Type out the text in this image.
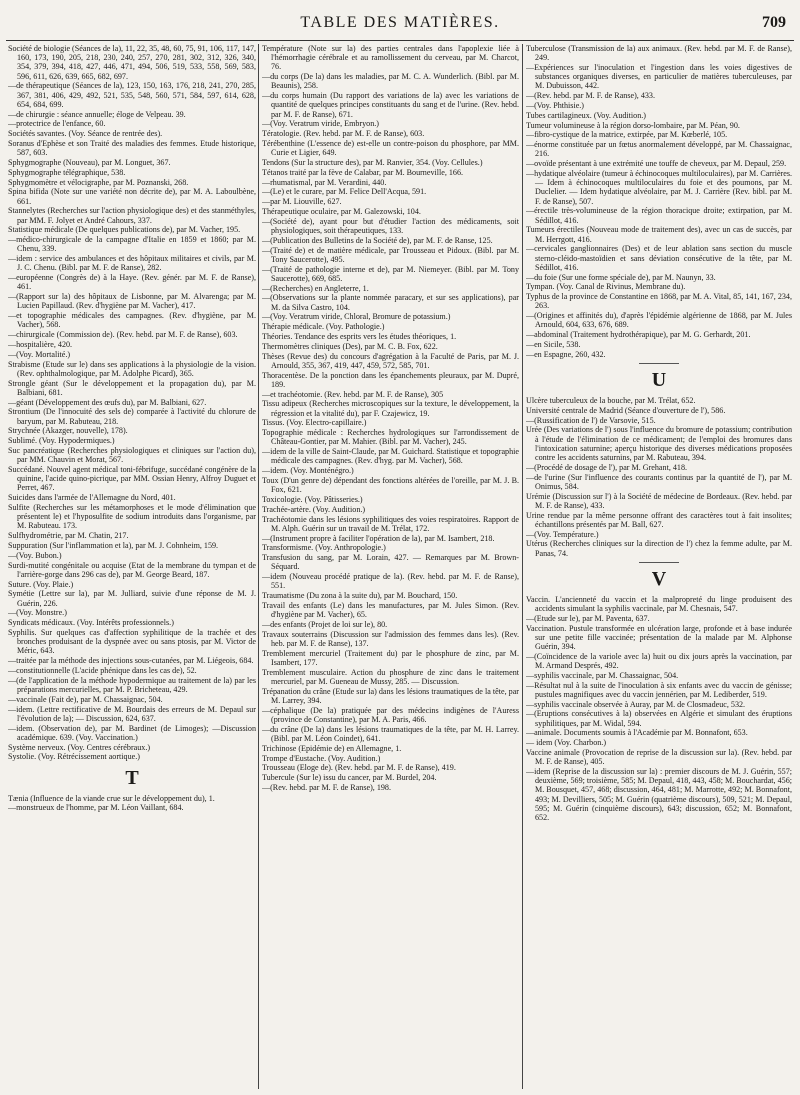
TABLE DES MATIÈRES.	709
Société de biologie (Séances de la), 11, 22, 35, 48, 60, 75, 91, 106, 117, 147, 160, 173, 190, 205, 218, 230, 240, 257, 270, 281, 302, 312, 326, 340, 354, 379, 394, 418, 427, 446, 471, 494, 506, 519, 533, 558, 569, 583, 596, 611, 626, 639, 665, 682, 697.
—de thérapeutique (Séances de la), 123, 150, 163, 176, 218, 241, 270, 285, 367, 381, 406, 429, 492, 521, 535, 548, 560, 571, 584, 597, 614, 628, 654, 684, 699.
—de chirurgie : séance annuelle; éloge de Velpeau. 39.
—protectrice de l'enfance, 60.
Sociétés savantes. (Voy. Séance de rentrée des).
Soranus d'Ephèse et son Traité des maladies des femmes. Etude historique, 587, 603.
Sphygmographe (Nouveau), par M. Longuet, 367.
Sphygmographe télégraphique, 538.
Sphygmomètre et vélocigraphe, par M. Poznanski, 268.
Spina bifida (Note sur une variété non décrite de), par M. A. Laboulbène, 661.
Stannelytes (Recherches sur l'action physiologique des) et des stanméthyles, par MM. F. Jolyet et André Cahours, 337.
Statistique médicale (De quelques publications de), par M. Vacher, 195.
—médico-chirurgicale de la campagne d'Italie en 1859 et 1860; par M. Chenu, 339.
—idem : service des ambulances et des hôpitaux militaires et civils, par M. J. C. Chenu. (Bibl. par M. F. de Ranse), 282.
—européenne (Congrès de) à la Haye. (Rev. génér. par M. F. de Ranse), 461.
—(Rapport sur la) des hôpitaux de Lisbonne, par M. Alvarenga; par M. Lucien Papillaud. (Rev. d'hygiène par M. Vacher), 417.
—et topographie médicales des campagnes. (Rev. d'hygiène, par M. Vacher), 568.
—chirurgicale (Commission de). (Rev. hebd. par M. F. de Ranse), 603.
—hospitalière, 420.
—(Voy. Mortalité.)
Strabisme (Etude sur le) dans ses applications à la physiologie de la vision. (Rev. ophthalmologique, par M. Adolphe Picard), 365.
Strongle géant (Sur le développement et la propagation du), par M. Balbiani, 681.
—géant (Développement des œufs du), par M. Balbiani, 627.
Strontium (De l'innocuité des sels de) comparée à l'activité du chlorure de baryum, par M. Rabuteau, 218.
Strychnée (Akazger, nouvelle), 178).
Sublimé. (Voy. Hypodermiques.)
Suc pancréatique (Recherches physiologiques et cliniques sur l'action du), par MM. Chauvin et Morat, 567.
Succédané. Nouvel agent médical toni-fébrifuge, succédané congénère de la quinine, l'acide quino-picrique, par MM. Ossian Henry, Alfroy Duguet et Perret, 467.
Suicides dans l'armée de l'Allemagne du Nord, 401.
Sulfite (Recherches sur les métamorphoses et le mode d'élimination que présentent le) et l'hyposulfite de sodium introduits dans l'organisme, par M. Rabuteau. 173.
Sulfhydrométrie, par M. Chatin, 217.
Suppuration (Sur l'inflammation et la), par M. J. Cohnheim, 159.
—(Voy. Bubon.)
Surdi-mutité congénitale ou acquise (Etat de la membrane du tympan et de l'arrière-gorge dans 296 cas de), par M. George Beard, 187.
Suture. (Voy. Plaie.)
Symétie (Lettre sur la), par M. Julliard, suivie d'une réponse de M. J. Guérin, 226.
—(Voy. Monstre.)
Syndicats médicaux. (Voy. Intérêts professionnels.)
Syphilis. Sur quelques cas d'affection syphilitique de la trachée et des bronches produisant de la dyspnée avec ou sans ptosis, par M. Victor de Méric, 643.
—traitée par la méthode des injections sous-cutanées, par M. Liégeois, 684.
—constitutionnelle (L'acide phénique dans les cas de), 52.
—(de l'application de la méthode hypodermique au traitement de la) par les préparations mercurielles, par M. P. Bricheteau, 429.
—vaccinale (Fait de), par M. Chassaignac, 504.
—idem. (Lettre rectificative de M. Bourdais des erreurs de M. Depaul sur l'évolution de la); — Discussion, 624, 637.
—idem. (Observation de), par M. Bardinet (de Limoges); —Discussion académique. 639. (Voy. Vaccination.)
Système nerveux. (Voy. Centres cérébraux.)
Systolie. (Voy. Rétrécissement aortique.)
T
Tænia (Influence de la viande crue sur le développement du), 1.
—monstrueux de l'homme, par M. Léon Vaillant, 684.
Température (Note sur la) des parties centrales dans l'apoplexie liée à l'hémorrhagie cérébrale et au ramollissement du cerveau, par M. Charcot, 76.
—du corps (De la) dans les maladies, par M. C. A. Wunderlich. (Bibl. par M. Beaunis), 258.
—du corps humain (Du rapport des variations de la) avec les variations de quantité de quelques principes constituants du sang et de l'urine. (Rev. hebd. par M. F. de Ranse), 671.
—(Voy. Veratrum viride, Embryon.)
Tératologie. (Rev. hebd. par M. F. de Ranse), 603.
Térébenthine (L'essence de) est-elle un contre-poison du phosphore, par MM. Curie et Ligier, 649.
Tendons (Sur la structure des), par M. Ranvier, 354. (Voy. Cellules.)
Tétanos traité par la fève de Calabar, par M. Bourneville, 166.
—rhumatismal, par M. Verardini, 440.
—(Le) et le curare, par M. Felice Dell'Acqua, 591.
—par M. Liouville, 627.
Thérapeutique oculaire, par M. Galezowski, 104.
—(Société de), ayant pour but d'étudier l'action des médicaments, soit physiologiques, soit thérapeutiques, 133.
—(Publication des Bulletins de la Société de), par M. F. de Ranse, 125.
—(Traité de) et de matière médicale, par Trousseau et Pidoux. (Bibl. par M. Tony Saucerotte), 495.
—(Traité de pathologie interne et de), par M. Niemeyer. (Bibl. par M. Tony Saucerotte), 669, 685.
—(Recherches) en Angleterre, 1.
—(Observations sur la plante nommée paracary, et sur ses applications), par M. da Silva Castro, 104.
—(Voy. Veratrum viride, Chloral, Bromure de potassium.)
Thérapie médicale. (Voy. Pathologie.)
Théories. Tendance des esprits vers les études théoriques, 1.
Thermomètres cliniques (Des), par M. C. B. Fox, 622.
Thèses (Revue des) du concours d'agrégation à la Faculté de Paris, par M. J. Arnould, 355, 367, 419, 447, 459, 572, 585, 701.
Thoracentèse. De la ponction dans les épanchements pleuraux, par M. Dupré, 189.
—et trachéotomie. (Rev. hebd. par M. F. de Ranse), 305
Tissu adipeux (Recherches microscopiques sur la texture, le développement, la régression et la vitalité du), par F. Czajewicz, 19.
Tissus. (Voy. Electro-capillaire.)
Topographie médicale : Recherches hydrologiques sur l'arrondissement de Château-Gontier, par M. Mahier. (Bibl. par M. Vacher), 245.
—idem de la ville de Saint-Claude, par M. Guichard. Statistique et topographie médicale des campagnes. (Rev. d'hyg. par M. Vacher), 568.
—idem. (Voy. Monténégro.)
Toux (D'un genre de) dépendant des fonctions altérées de l'oreille, par M. J. B. Fox, 621.
Toxicologie. (Voy. Pâtisseries.)
Trachée-artère. (Voy. Audition.)
Trachéotomie dans les lésions syphilitiques des voies respiratoires. Rapport de M. Alph. Guérin sur un travail de M. Trélat, 172.
—(Instrument propre à faciliter l'opération de la), par M. Isambert, 218.
Transformisme. (Voy. Anthropologie.)
Transfusion du sang, par M. Lorain, 427. — Remarques par M. Brown-Séquard.
—idem (Nouveau procédé pratique de la). (Rev. hebd. par M. F. de Ranse), 551.
Traumatisme (Du zona à la suite du), par M. Bouchard, 150.
Travail des enfants (Le) dans les manufactures, par M. Jules Simon. (Rev. d'hygiène par M. Vacher), 65.
—des enfants (Projet de loi sur le), 80.
Travaux souterrains (Discussion sur l'admission des femmes dans les). (Rev. heb. par M. F. de Ranse), 137.
Tremblement mercuriel (Traitement du) par le phosphure de zinc, par M. Isambert, 177.
Tremblement musculaire. Action du phosphure de zinc dans le traitement mercuriel, par M. Gueneau de Mussy, 285. — Discussion.
Trépanation du crâne (Etude sur la) dans les lésions traumatiques de la tête, par M. Larrey, 394.
—céphalique (De la) pratiquée par des médecins indigènes de l'Auress (province de Constantine), par M. A. Paris, 466.
—du crâne (De la) dans les lésions traumatiques de la tête, par M. H. Larrey. (Bibl. par M. Léon Coindet), 641.
Trichinose (Epidémie de) en Allemagne, 1.
Trompe d'Eustache. (Voy. Audition.)
Trousseau (Eloge de). (Rev. hebd. par M. F. de Ranse), 419.
Tubercule (Sur le) issu du cancer, par M. Burdel, 204.
—(Rev. hebd. par M. F. de Ranse), 198.
Tuberculose (Transmission de la) aux animaux. (Rev. hebd. par M. F. de Ranse), 249.
—Expériences sur l'inoculation et l'ingestion dans les voies digestives de substances organiques diverses, en particulier de matières tuberculeuses, par M. Dubuisson, 442.
—(Rev. hebd. par M. F. de Ranse), 433.
—(Voy. Phthisie.)
Tubes cartilagineux. (Voy. Audition.)
Tumeur volumineuse à la région dorso-lombaire, par M. Péan, 90.
—fibro-cystique de la matrice, extirpée, par M. Kœberlé, 105.
—énorme constituée par un fœtus anormalement développé, par M. Chassaignac, 216.
—ovoïde présentant à une extrémité une touffe de cheveux, par M. Depaul, 259.
—hydatique alvéolaire (tumeur à échinocoques multiloculaires), par M. Carrières. — Idem à échinocoques multiloculaires du foie et des poumons, par M. Duclelier. — Idem hydatique alvéolaire, par M. J. Carrière (Rev. bibl. par M. F. de Ranse), 507.
—érectile très-volumineuse de la région thoracique droite; extirpation, par M. Sédillot, 416.
Tumeurs érectiles (Nouveau mode de traitement des), avec un cas de succès, par M. Herrgott, 416.
—cervicales ganglionnaires (Des) et de leur ablation sans section du muscle sterno-cléido-mastoïdien et sans déviation consécutive de la tête, par M. Sédillot, 416.
—du foie (Sur une forme spéciale de), par M. Naunyn, 33.
Tympan. (Voy. Canal de Rivinus, Membrane du).
Typhus de la province de Constantine en 1868, par M. A. Vital, 85, 141, 167, 234, 263.
—(Origines et affinités du), d'après l'épidémie algérienne de 1868, par M. Jules Arnould, 604, 633, 676, 689.
—abdominal (Traitement hydrothérapique), par M. G. Gerhardt, 201.
—en Sicile, 538.
—en Espagne, 260, 432.
U
Ulcère tuberculeux de la bouche, par M. Trélat, 652.
Université centrale de Madrid (Séance d'ouverture de l'), 586.
—(Russification de l') de Varsovie, 515.
Urée (Des variations de l') sous l'influence du bromure de potassium; contribution à l'étude de l'élimination de ce médicament; de l'emploi des bromures dans l'intoxication saturnine; aperçu historique des diverses médications proposées contre les accidents saturnins, par M. Rabuteau, 394.
—(Procédé de dosage de l'), par M. Grehant, 418.
—de l'urine (Sur l'influence des courants continus par la quantité de l'), par M. Onimus, 584.
Urémie (Discussion sur l') à la Société de médecine de Bordeaux. (Rev. hebd. par M. F. de Ranse), 433.
Urine rendue par la même personne offrant des caractères tout à fait insolites; échantillons présentés par M. Ball, 627.
—(Voy. Température.)
Utérus (Recherches cliniques sur la direction de l') chez la femme adulte, par M. Panas, 74.
V
Vaccin. L'ancienneté du vaccin et la malpropreté du linge produisent des accidents simulant la syphilis vaccinale, par M. Chesnais, 547.
—(Etude sur le), par M. Paventa, 637.
Vaccination. Pustule transformée en ulcération large, profonde et à base indurée sur une petite fille vaccinée; présentation de la malade par M. Alphonse Guérin, 394.
—(Coïncidence de la variole avec la) huit ou dix jours après la vaccination, par M. Armand Després, 492.
—syphilis vaccinale, par M. Chassaignac, 504.
—Résultat nul à la suite de l'inoculation à six enfants avec du vaccin de génisse; pustules magnifiques avec du vaccin jennérien, par M. Lediberder, 519.
—syphilis vaccinale observée à Auray, par M. de Closmadeuc, 532.
—(Eruptions consécutives à la) observées en Algérie et simulant des éruptions syphilitiques, par M. Widal, 594.
—animale. Documents soumis à l'Académie par M. Bonnafont, 653.
— idem (Voy. Charbon.)
Vaccine animale (Provocation de reprise de la discussion sur la). (Rev. hebd. par M. F. de Ranse), 405.
—idem (Reprise de la discussion sur la) : premier discours de M. J. Guérin, 557; deuxième, 569; troisième, 585; M. Depaul, 418, 443, 458; M. Bouchardat, 456; M. Bousquet, 457, 468; discussion, 464, 481; M. Marrotte, 492; M. Bonnafont, 493; M. Devilliers, 505; M. Guérin (quatrième discours), 509, 521; M. Depaul, 595; M. Guérin (cinquième discours), 643; discussion, 652; M. Bonnafont, 652.
